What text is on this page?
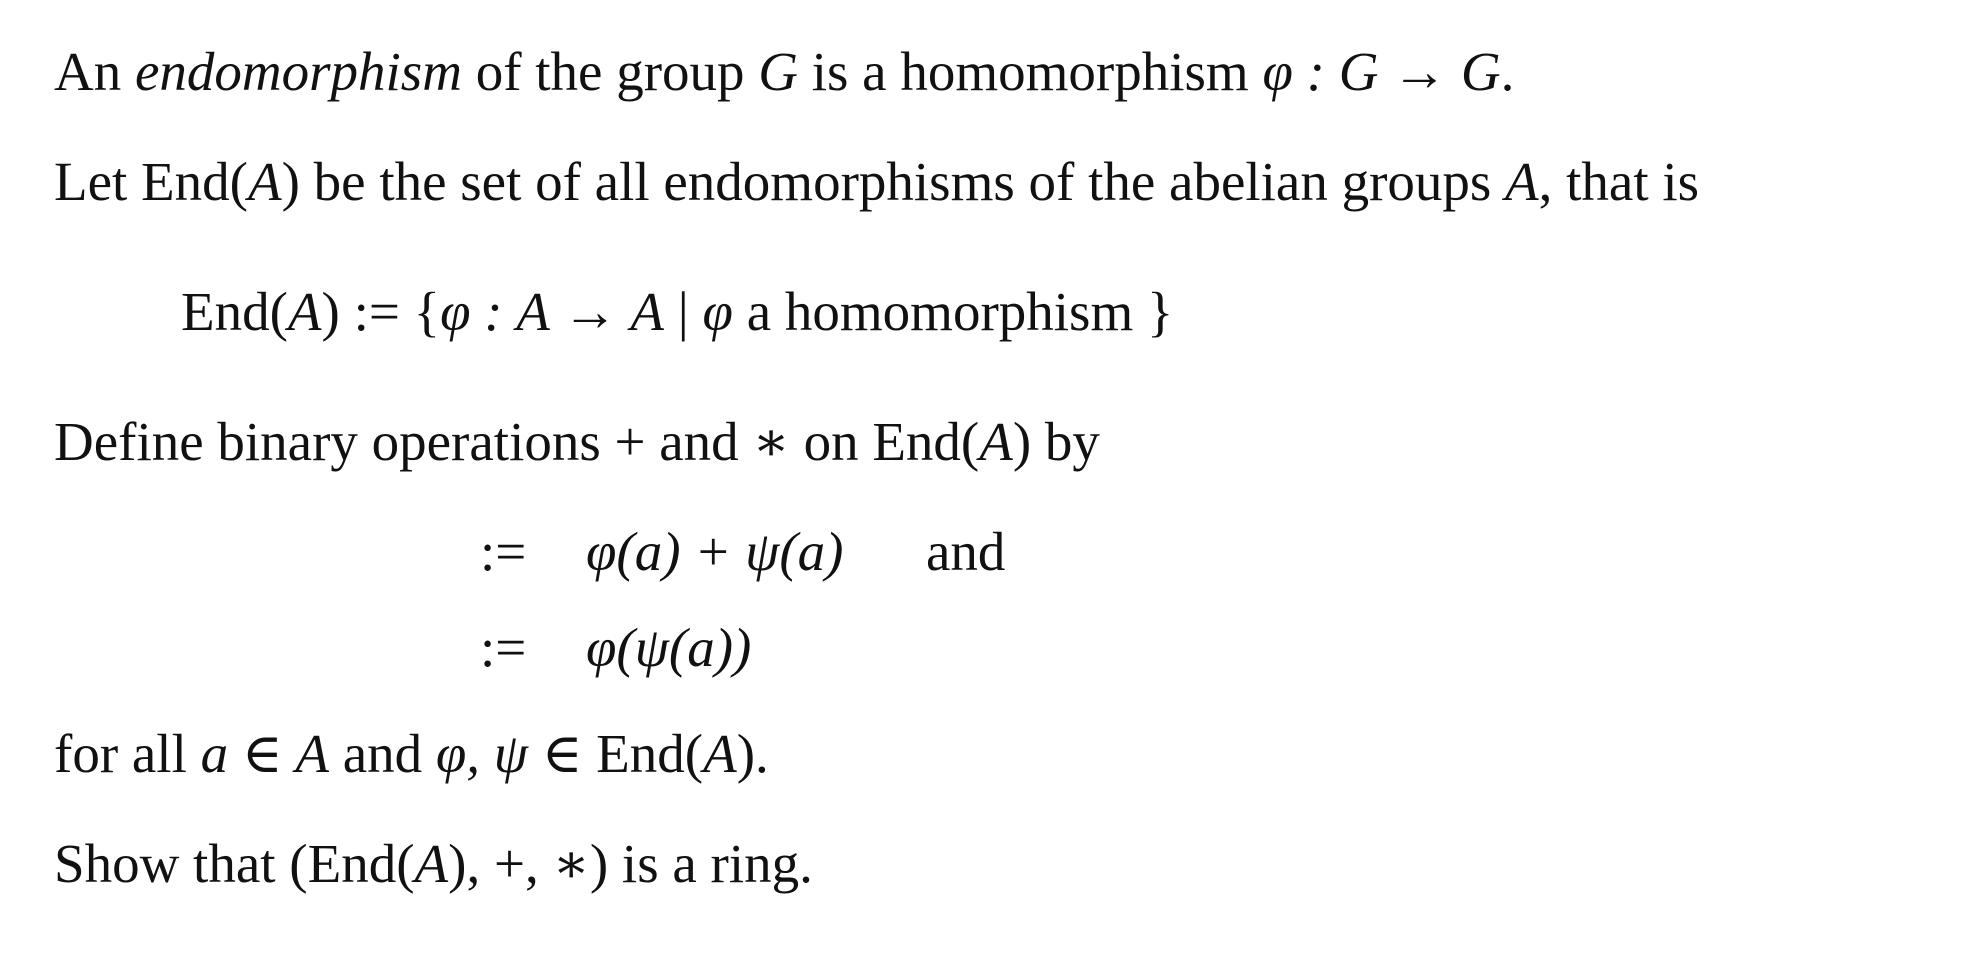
An endomorphism of the group G is a homomorphism φ : G → G.
Let End(A) be the set of all endomorphisms of the abelian groups A, that is
End(A) := {φ : A → A | φ a homomorphism }
Define binary operations + and ∗ on End(A) by
:= φ(a) + ψ(a) and
:= φ(ψ(a))
for all a ∈ A and φ, ψ ∈ End(A).
Show that (End(A), +, ∗) is a ring.
